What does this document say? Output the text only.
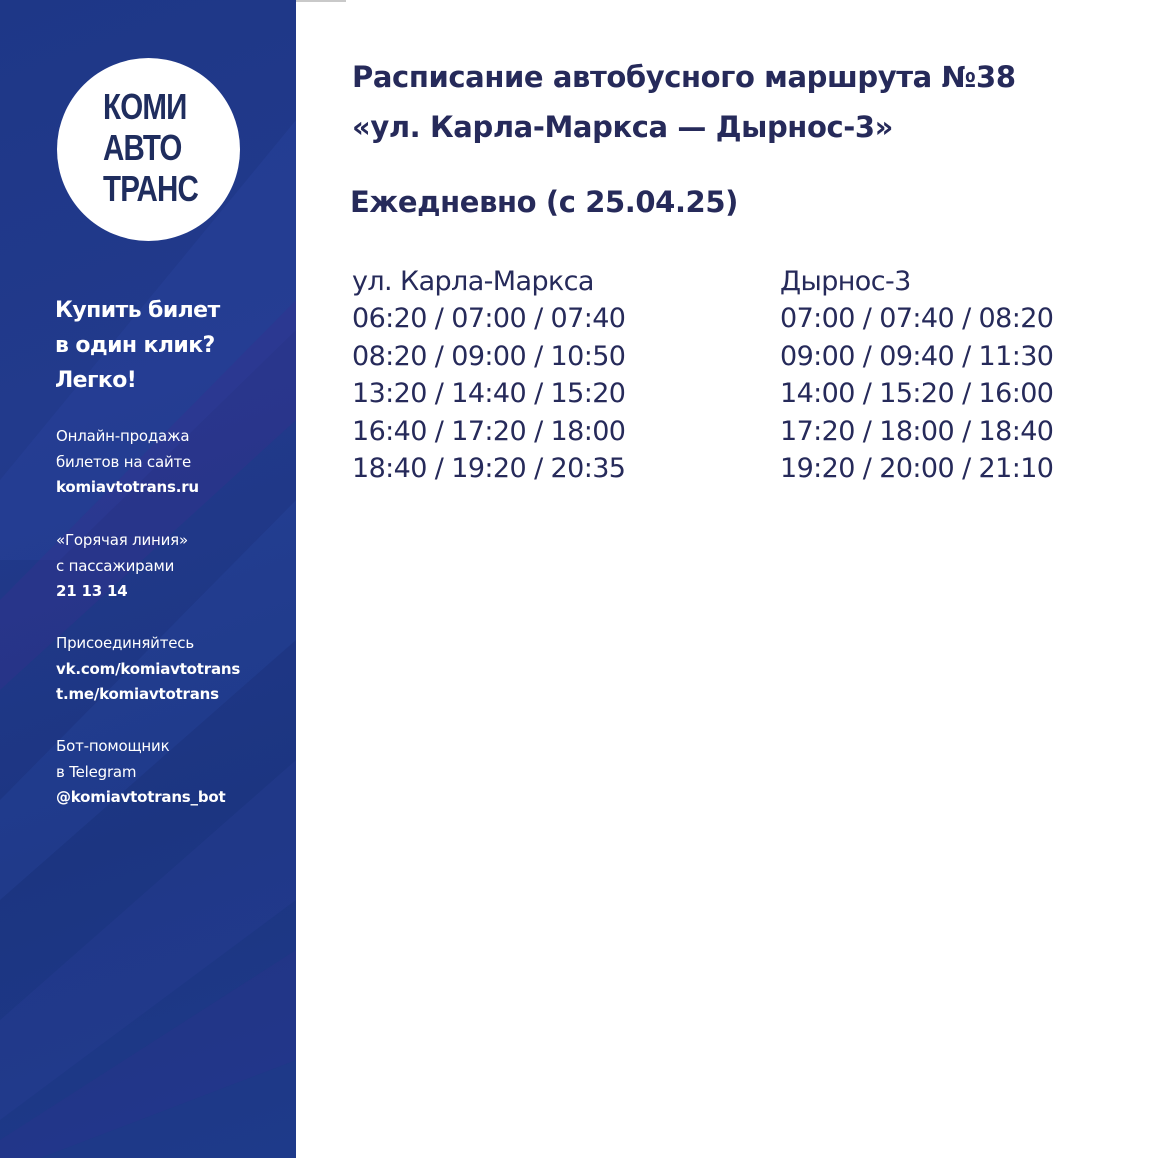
КОМИ
АВТО
ТРАНС
Купить билет
в один клик?
Легко!
Онлайн-продажа
билетов на сайте
komiavtotrans.ru
«Горячая линия»
с пассажирами
21 13 14
Присоединяйтесь
vk.com/komiavtotrans
t.me/komiavtotrans
Бот-помощник
в Telegram
@komiavtotrans_bot
Расписание автобусного маршрута №38
«ул. Карла-Маркса — Дырнос-3»
Ежедневно (с 25.04.25)
ул. Карла-Маркса
06:20 / 07:00 / 07:40
08:20 / 09:00 / 10:50
13:20 / 14:40 / 15:20
16:40 / 17:20 / 18:00
18:40 / 19:20 / 20:35
Дырнос-3
07:00 / 07:40 / 08:20
09:00 / 09:40 / 11:30
14:00 / 15:20 / 16:00
17:20 / 18:00 / 18:40
19:20 / 20:00 / 21:10
